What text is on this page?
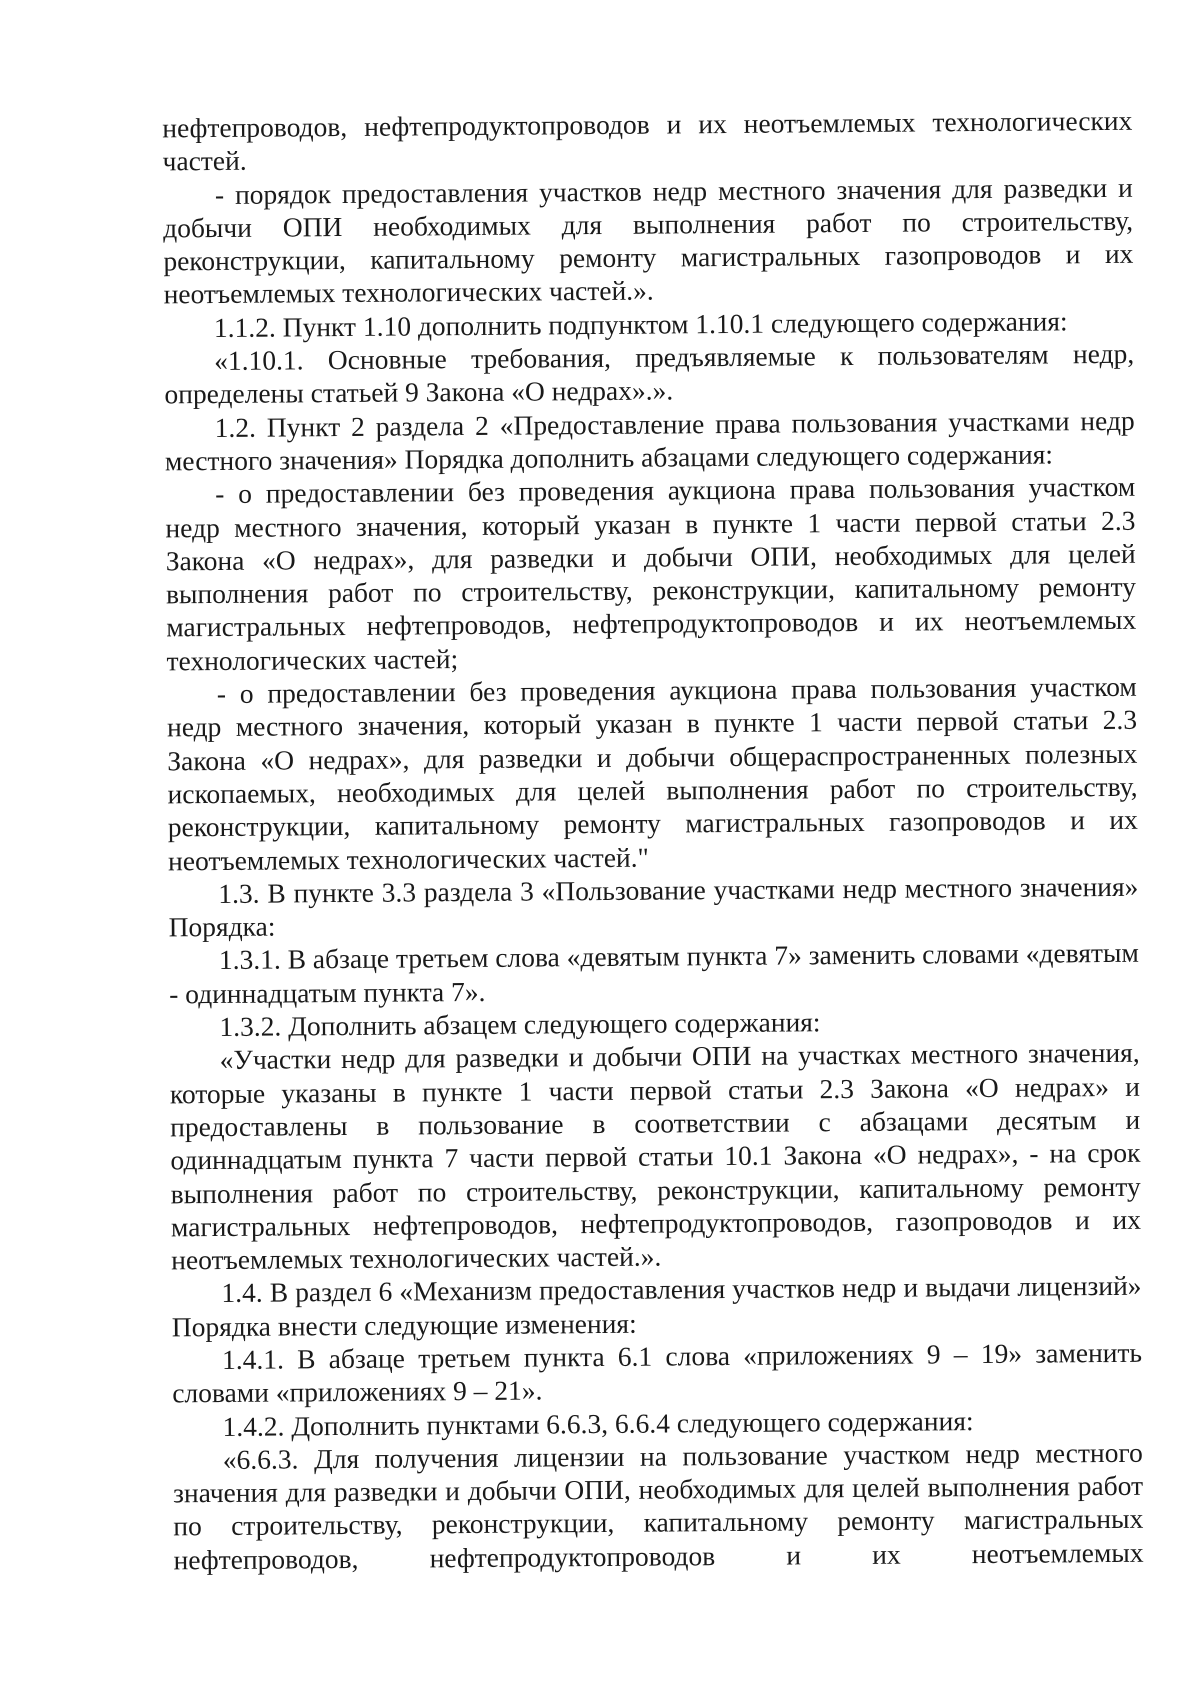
нефтепроводов, нефтепродуктопроводов и их неотъемлемых технологических частей.

- порядок предоставления участков недр местного значения для разведки и добычи ОПИ необходимых для выполнения работ по строительству, реконструкции, капитальному ремонту магистральных газопроводов и их неотъемлемых технологических частей.».

1.1.2. Пункт 1.10 дополнить подпунктом 1.10.1 следующего содержания:

«1.10.1. Основные требования, предъявляемые к пользователям недр, определены статьей 9 Закона «О недрах».».

1.2. Пункт 2 раздела 2 «Предоставление права пользования участками недр местного значения» Порядка дополнить абзацами следующего содержания:

- о предоставлении без проведения аукциона права пользования участком недр местного значения, который указан в пункте 1 части первой статьи 2.3 Закона «О недрах», для разведки и добычи ОПИ, необходимых для целей выполнения работ по строительству, реконструкции, капитальному ремонту магистральных нефтепроводов, нефтепродуктопроводов и их неотъемлемых технологических частей;

- о предоставлении без проведения аукциона права пользования участком недр местного значения, который указан в пункте 1 части первой статьи 2.3 Закона «О недрах», для разведки и добычи общераспространенных полезных ископаемых, необходимых для целей выполнения работ по строительству, реконструкции, капитальному ремонту магистральных газопроводов и их неотъемлемых технологических частей."

1.3. В пункте 3.3 раздела 3 «Пользование участками недр местного значения» Порядка:

1.3.1. В абзаце третьем слова «девятым пункта 7» заменить словами «девятым - одиннадцатым пункта 7».

1.3.2. Дополнить абзацем следующего содержания:

«Участки недр для разведки и добычи ОПИ на участках местного значения, которые указаны в пункте 1 части первой статьи 2.3 Закона «О недрах» и предоставлены в пользование в соответствии с абзацами десятым и одиннадцатым пункта 7 части первой статьи 10.1 Закона «О недрах», - на срок выполнения работ по строительству, реконструкции, капитальному ремонту магистральных нефтепроводов, нефтепродуктопроводов, газопроводов и их неотъемлемых технологических частей.».

1.4. В раздел 6 «Механизм предоставления участков недр и выдачи лицензий» Порядка внести следующие изменения:

1.4.1. В абзаце третьем пункта 6.1 слова «приложениях 9 – 19» заменить словами «приложениях 9 – 21».

1.4.2. Дополнить пунктами 6.6.3, 6.6.4 следующего содержания:

«6.6.3. Для получения лицензии на пользование участком недр местного значения для разведки и добычи ОПИ, необходимых для целей выполнения работ по строительству, реконструкции, капитальному ремонту магистральных нефтепроводов, нефтепродуктопроводов и их неотъемлемых
